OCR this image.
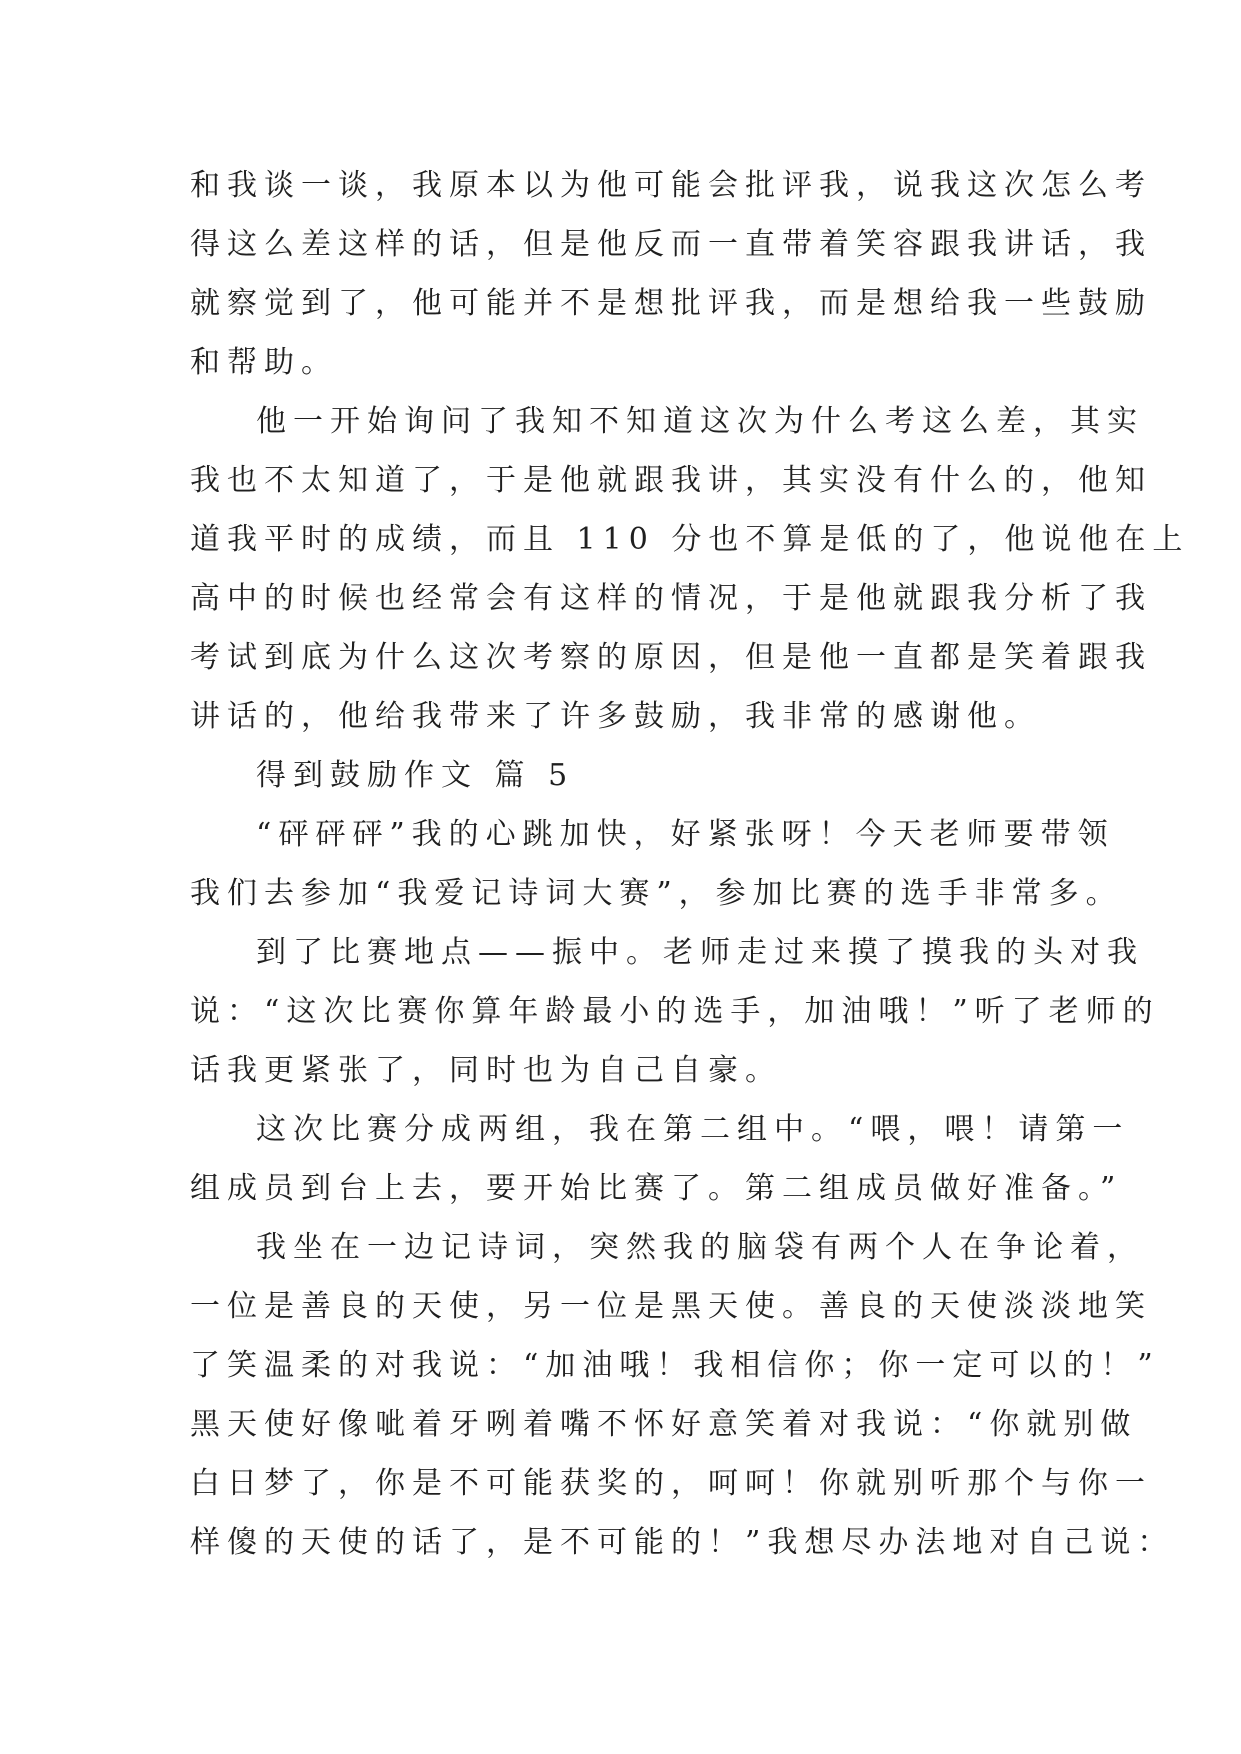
和我谈一谈，我原本以为他可能会批评我，说我这次怎么考
得这么差这样的话，但是他反而一直带着笑容跟我讲话，我
就察觉到了，他可能并不是想批评我，而是想给我一些鼓励
和帮助。
他一开始询问了我知不知道这次为什么考这么差，其实
我也不太知道了，于是他就跟我讲，其实没有什么的，他知
道我平时的成绩，而且 110 分也不算是低的了，他说他在上
高中的时候也经常会有这样的情况，于是他就跟我分析了我
考试到底为什么这次考察的原因，但是他一直都是笑着跟我
讲话的，他给我带来了许多鼓励，我非常的感谢他。
得到鼓励作文 篇 5
“砰砰砰”我的心跳加快，好紧张呀！今天老师要带领
我们去参加“我爱记诗词大赛”，参加比赛的选手非常多。
到了比赛地点——振中。老师走过来摸了摸我的头对我
说：“这次比赛你算年龄最小的选手，加油哦！”听了老师的
话我更紧张了，同时也为自己自豪。
这次比赛分成两组，我在第二组中。“喂，喂！请第一
组成员到台上去，要开始比赛了。第二组成员做好准备。”
我坐在一边记诗词，突然我的脑袋有两个人在争论着，
一位是善良的天使，另一位是黑天使。善良的天使淡淡地笑
了笑温柔的对我说：“加油哦！我相信你；你一定可以的！”
黑天使好像呲着牙咧着嘴不怀好意笑着对我说：“你就别做
白日梦了，你是不可能获奖的，呵呵！你就别听那个与你一
样傻的天使的话了，是不可能的！”我想尽办法地对自己说：
